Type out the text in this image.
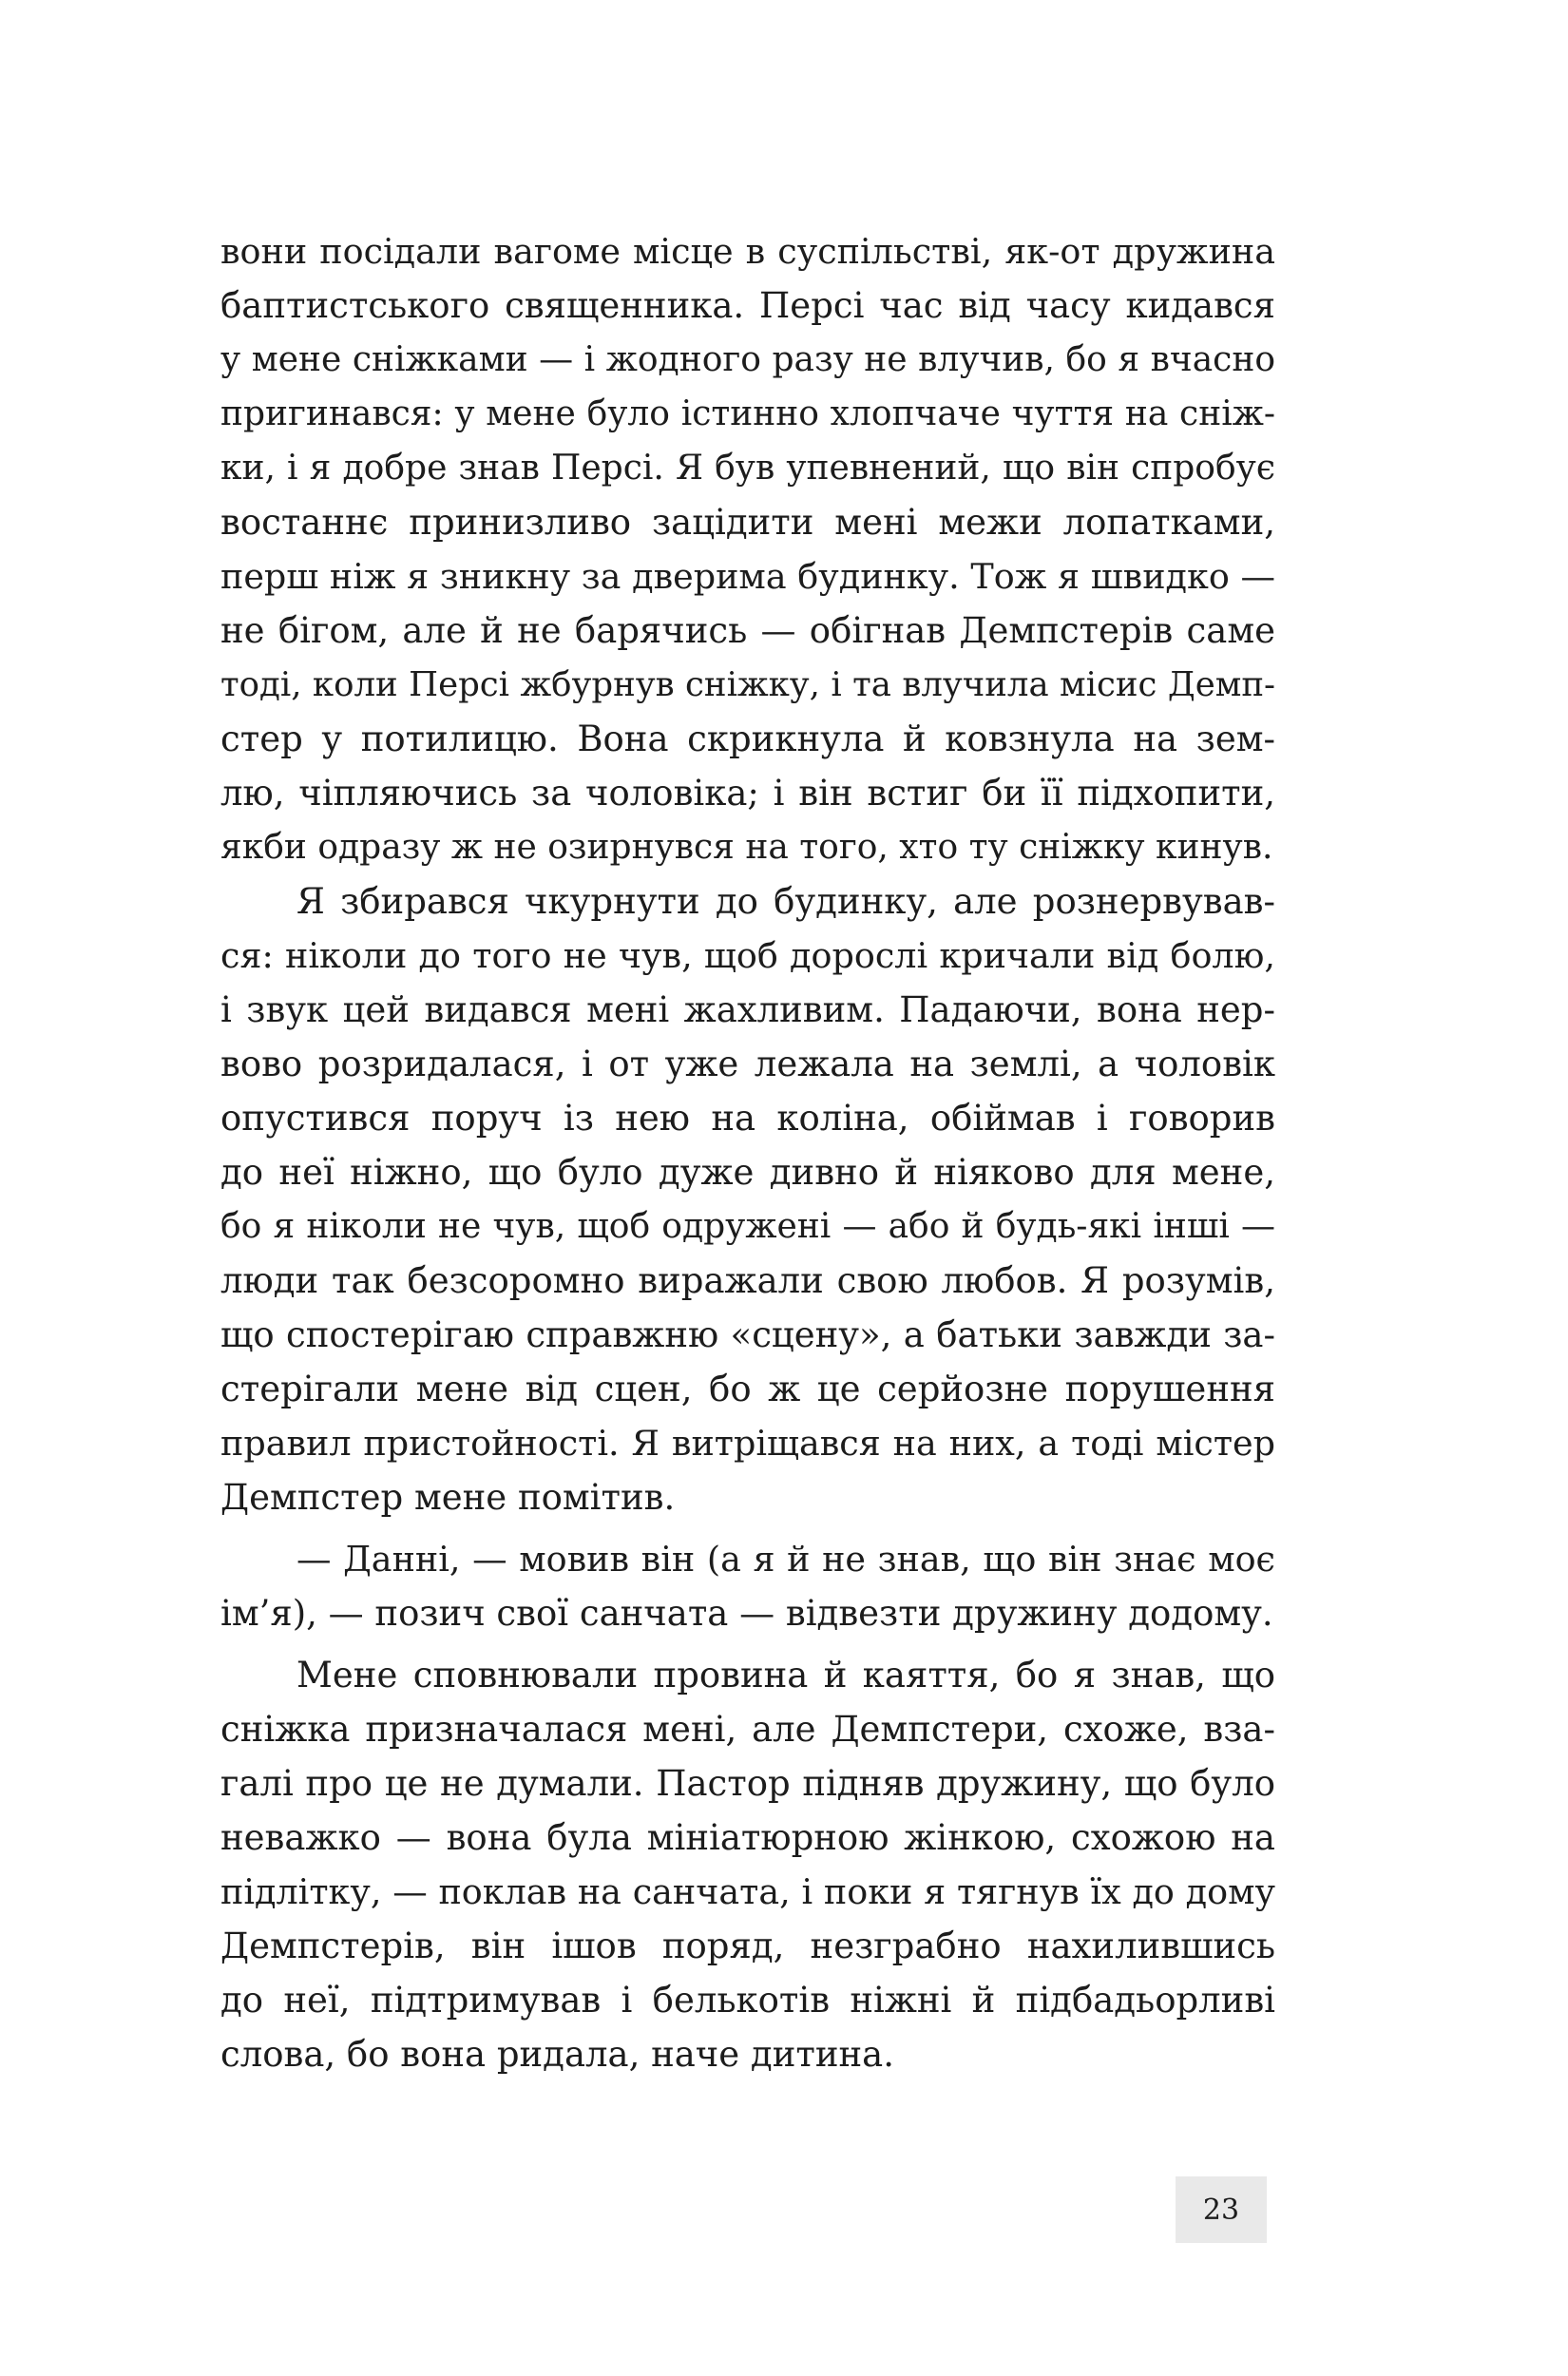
вони посідали вагоме місце в суспільстві, як-от дружина
баптистського священника. Персі час від часу кидався
у мене сніжками — і жодного разу не влучив, бо я вчасно
пригинався: у мене було істинно хлопчаче чуття на сніж-
ки, і я добре знав Персі. Я був упевнений, що він спробує
востаннє принизливо зацідити мені межи лопатками,
перш ніж я зникну за дверима будинку. Тож я швидко —
не бігом, але й не барячись — обігнав Демпстерів саме
тоді, коли Персі жбурнув сніжку, і та влучила місис Демп-
стер у потилицю. Вона скрикнула й ковзнула на зем-
лю, чіпляючись за чоловіка; і він встиг би її підхопити,
якби одразу ж не озирнувся на того, хто ту сніжку кинув.
Я збирався чкурнути до будинку, але рознервував-
ся: ніколи до того не чув, щоб дорослі кричали від болю,
і звук цей видався мені жахливим. Падаючи, вона нер-
вово розридалася, і от уже лежала на землі, а чоловік
опустився поруч із нею на коліна, обіймав і говорив
до неї ніжно, що було дуже дивно й ніяково для мене,
бо я ніколи не чув, щоб одружені — або й будь-які інші —
люди так безсоромно виражали свою любов. Я розумів,
що спостерігаю справжню «сцену», а батьки завжди за-
стерігали мене від сцен, бо ж це серйозне порушення
правил пристойності. Я витріщався на них, а тоді містер
Демпстер мене помітив.
— Данні, — мовив він (а я й не знав, що він знає моє
ім’я), — позич свої санчата — відвезти дружину додому.
Мене сповнювали провина й каяття, бо я знав, що
сніжка призначалася мені, але Демпстери, схоже, вза-
галі про це не думали. Пастор підняв дружину, що було
неважко — вона була мініатюрною жінкою, схожою на
підлітку, — поклав на санчата, і поки я тягнув їх до дому
Демпстерів, він ішов поряд, незграбно нахилившись
до неї, підтримував і белькотів ніжні й підбадьорливі
слова, бо вона ридала, наче дитина.
23
